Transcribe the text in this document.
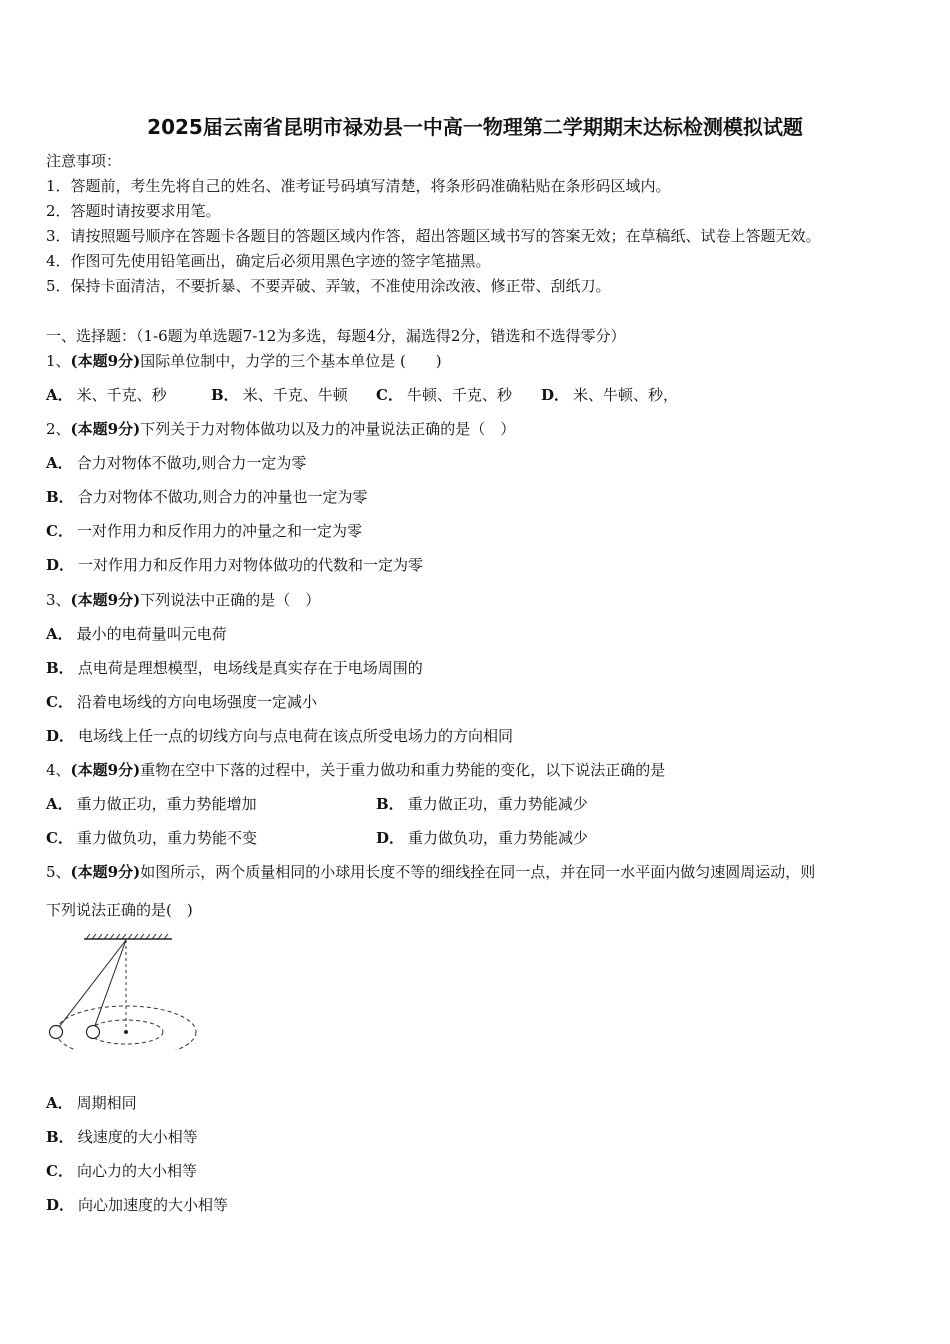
2025届云南省昆明市禄劝县一中高一物理第二学期期末达标检测模拟试题
注意事项：
1．答题前，考生先将自己的姓名、准考证号码填写清楚，将条形码准确粘贴在条形码区域内。
2．答题时请按要求用笔。
3．请按照题号顺序在答题卡各题目的答题区域内作答，超出答题区域书写的答案无效；在草稿纸、试卷上答题无效。
4．作图可先使用铅笔画出，确定后必须用黑色字迹的签字笔描黑。
5．保持卡面清洁，不要折暴、不要弄破、弄皱，不准使用涂改液、修正带、刮纸刀。
一、选择题：（1-6题为单选题7-12为多选，每题4分，漏选得2分，错选和不选得零分）
1、(本题9分)国际单位制中，力学的三个基本单位是 (　　)
A． 米、千克、秒	B． 米、千克、牛顿 C． 牛顿、千克、秒 D． 米、牛顿、秒，
2、(本题9分)下列关于力对物体做功以及力的冲量说法正确的是（　）
A． 合力对物体不做功,则合力一定为零
B． 合力对物体不做功,则合力的冲量也一定为零
C． 一对作用力和反作用力的冲量之和一定为零
D． 一对作用力和反作用力对物体做功的代数和一定为零
3、(本题9分)下列说法中正确的是（　）
A． 最小的电荷量叫元电荷
B． 点电荷是理想模型，电场线是真实存在于电场周围的
C． 沿着电场线的方向电场强度一定减小
D． 电场线上任一点的切线方向与点电荷在该点所受电场力的方向相同
4、(本题9分)重物在空中下落的过程中，关于重力做功和重力势能的变化，以下说法正确的是
A． 重力做正功，重力势能增加	B． 重力做正功，重力势能减少
C． 重力做负功，重力势能不变	D． 重力做负功，重力势能减少
5、(本题9分)如图所示，两个质量相同的小球用长度不等的细线拴在同一点，并在同一水平面内做匀速圆周运动，则
下列说法正确的是(　)
A． 周期相同
B． 线速度的大小相等
C． 向心力的大小相等
D． 向心加速度的大小相等
